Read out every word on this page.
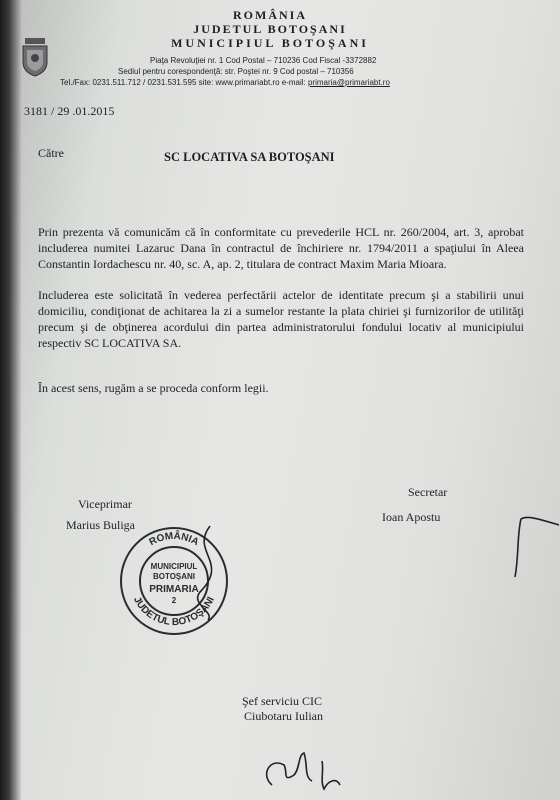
ROMÂNIA
JUDETUL BOTOŞANI
MUNICIPIUL BOTOŞANI
Piaţa Revoluţiei nr. 1 Cod Postal – 710236 Cod Fiscal -3372882
Sediul pentru corespondenţă: str. Poştei nr. 9 Cod postal – 710356
Tel./Fax: 0231.511.712 / 0231.531.595 site: www.primariabt.ro e-mail: primaria@primariabt.ro
3181 / 29 .01.2015
Către	SC LOCATIVA SA BOTOŞANI
Prin prezenta vă comunicăm că în conformitate cu prevederile HCL nr. 260/2004, art. 3, aprobat includerea numitei Lazaruc Dana în contractul de închiriere nr. 1794/2011 a spaţiului în Aleea Constantin Iordachescu nr. 40, sc. A, ap. 2, titulara de contract Maxim Maria Mioara.
Includerea este solicitată în vederea perfectării actelor de identitate precum şi a stabilirii unui domiciliu, condiţionat de achitarea la zi a sumelor restante la plata chiriei şi furnizorilor de utilităţi precum şi de obţinerea acordului din partea administratorului fondului locativ al municipiului respectiv SC LOCATIVA SA.
În acest sens, rugăm a se proceda conform legii.
Viceprimar
Marius Buliga
Secretar
Ioan Apostu
ROMÂNIA
JUDETUL BOTOŞANI
MUNICIPIUL
BOTOŞANI
PRIMARIA
2
Şef serviciu CIC
Ciubotaru Iulian
